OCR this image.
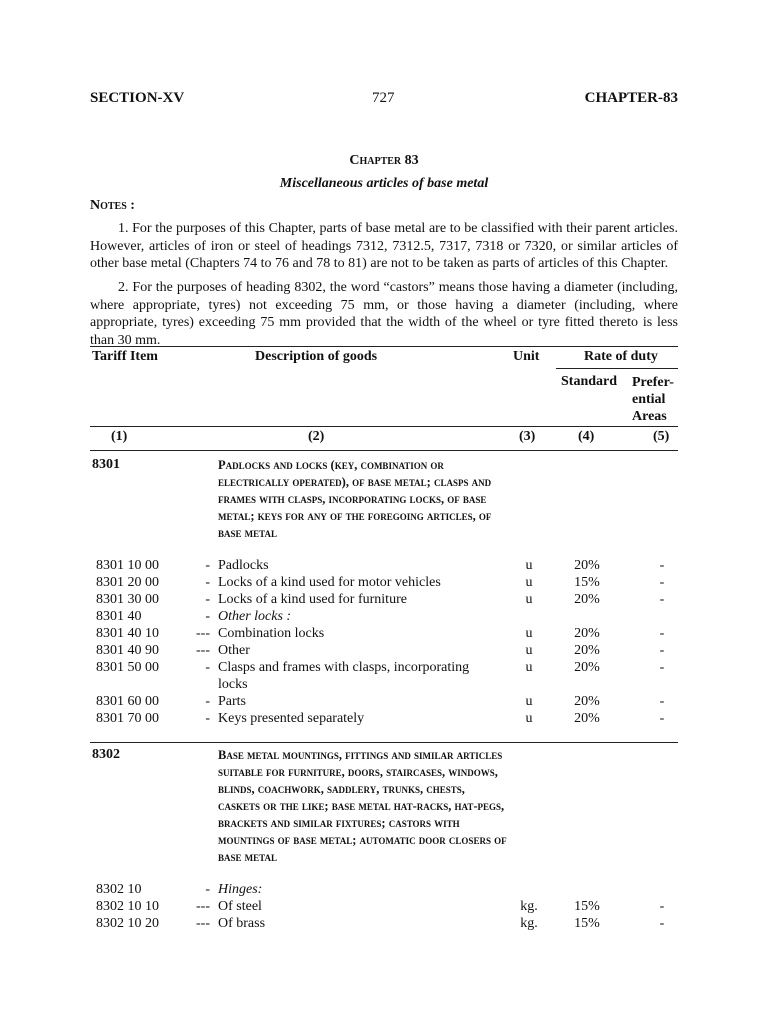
SECTION-XV	727	CHAPTER-83
Chapter 83
Miscellaneous articles of base metal
Notes :
1. For the purposes of this Chapter, parts of base metal are to be classified with their parent articles. However, articles of iron or steel of headings 7312, 7312.5, 7317, 7318 or 7320, or similar articles of other base metal (Chapters 74 to 76 and 78 to 81) are not to be taken as parts of articles of this Chapter.
2. For the purposes of heading 8302, the word “castors” means those having a diameter (including, where appropriate, tyres) not exceeding 75 mm, or those having a diameter (including, where appropriate, tyres) exceeding 75 mm provided that the width of the wheel or tyre fitted thereto is less than 30 mm.
Tariff Item	Description of goods	Unit	Rate of duty
Standard Prefer-
ential
Areas
(1)	(2)	(3)	(4)	(5)
8301	Padlocks and locks (key, combination or electrically operated), of base metal; clasps and frames with clasps, incorporating locks, of base metal; keys for any of the foregoing articles, of base metal
8301 10 00	- Padlocks	u	20%	-
8301 20 00	- Locks of a kind used for motor vehicles	u	15%	-
8301 30 00	- Locks of a kind used for furniture	u	20%	-
8301 40	- Other locks :
8301 40 10	--- Combination locks	u	20%	-
8301 40 90	--- Other	u	20%	-
8301 50 00	- Clasps and frames with clasps, incorporating	u	20%	-
locks
8301 60 00	- Parts	u	20%	-
8301 70 00	- Keys presented separately	u	20%	-
8302	Base metal mountings, fittings and similar articles suitable for furniture, doors, staircases, windows, blinds, coachwork, saddlery, trunks, chests, caskets or the like; base metal hat-racks, hat-pegs, brackets and similar fixtures; castors with mountings of base metal; automatic door closers of base metal
8302 10	- Hinges:
8302 10 10	--- Of steel	kg.	15%	-
8302 10 20	--- Of brass	kg.	15%	-
